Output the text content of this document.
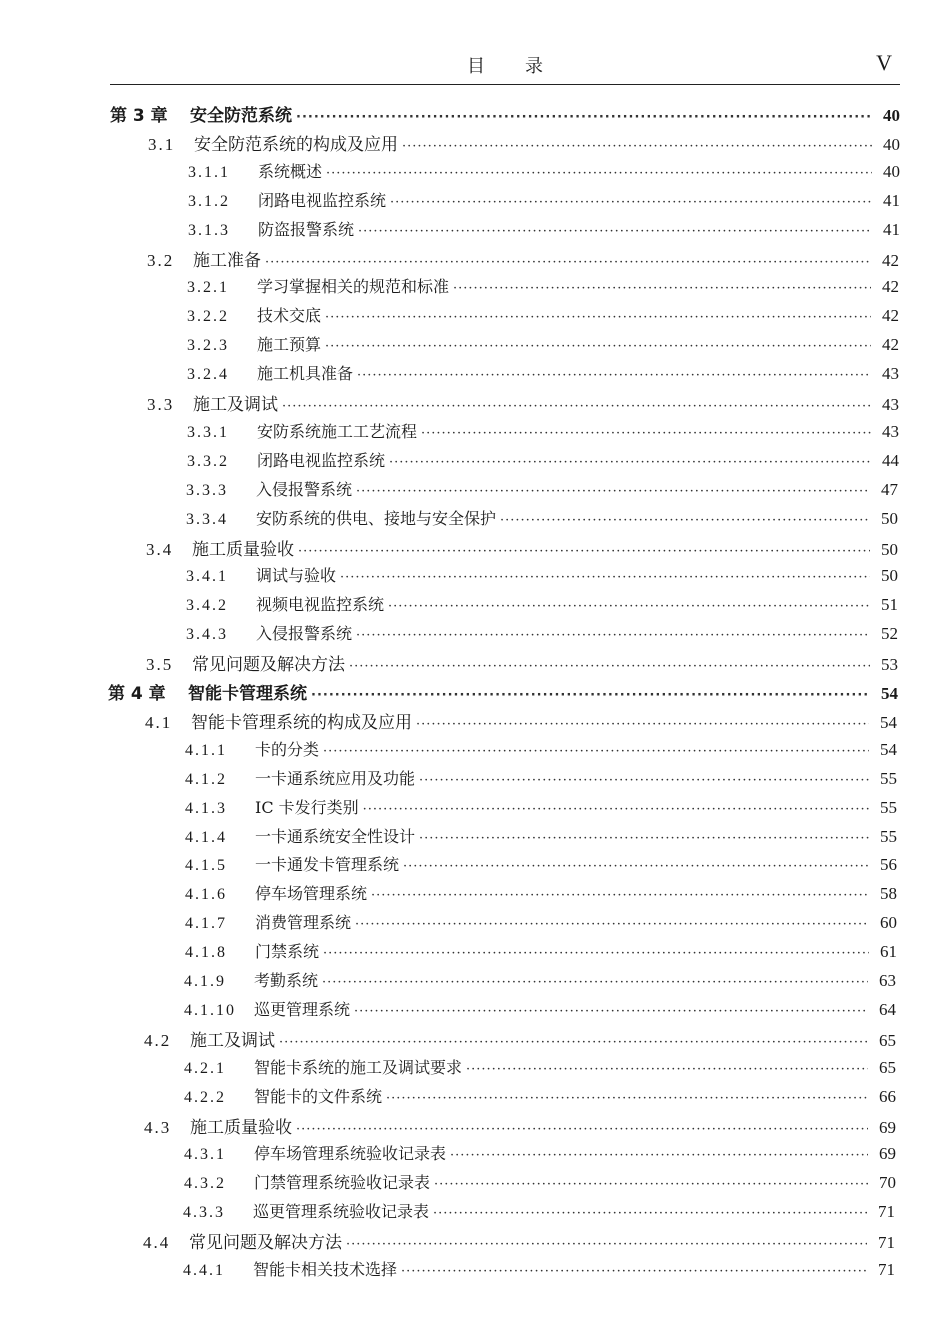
目录	V
第 3 章	安全防范系统 ·····	40
3.1	安全防范系统的构成及应用 ·····	40
3.1.1	系统概述 ·····	40
3.1.2	闭路电视监控系统 ·····	41
3.1.3	防盗报警系统 ·····	41
3.2	施工准备 ·····	42
3.2.1	学习掌握相关的规范和标准 ·····	42
3.2.2	技术交底 ·····	42
3.2.3	施工预算 ·····	42
3.2.4	施工机具准备 ·····	43
3.3	施工及调试 ·····	43
3.3.1	安防系统施工工艺流程 ·····	43
3.3.2	闭路电视监控系统 ·····	44
3.3.3	入侵报警系统 ·····	47
3.3.4	安防系统的供电、接地与安全保护 ·····	50
3.4	施工质量验收 ·····	50
3.4.1	调试与验收 ·····	50
3.4.2	视频电视监控系统 ·····	51
3.4.3	入侵报警系统 ·····	52
3.5	常见问题及解决方法 ·····	53
第 4 章	智能卡管理系统 ·····	54
4.1	智能卡管理系统的构成及应用 ·····	54
4.1.1	卡的分类 ·····	54
4.1.2	一卡通系统应用及功能 ·····	55
4.1.3	IC 卡发行类别 ·····	55
4.1.4	一卡通系统安全性设计 ·····	55
4.1.5	一卡通发卡管理系统 ·····	56
4.1.6	停车场管理系统 ·····	58
4.1.7	消费管理系统 ·····	60
4.1.8	门禁系统 ·····	61
4.1.9	考勤系统 ·····	63
4.1.10	巡更管理系统 ·····	64
4.2	施工及调试 ·····	65
4.2.1	智能卡系统的施工及调试要求 ·····	65
4.2.2	智能卡的文件系统 ·····	66
4.3	施工质量验收 ·····	69
4.3.1	停车场管理系统验收记录表 ·····	69
4.3.2	门禁管理系统验收记录表 ·····	70
4.3.3	巡更管理系统验收记录表 ·····	71
4.4	常见问题及解决方法 ·····	71
4.4.1	智能卡相关技术选择 ·····	71
